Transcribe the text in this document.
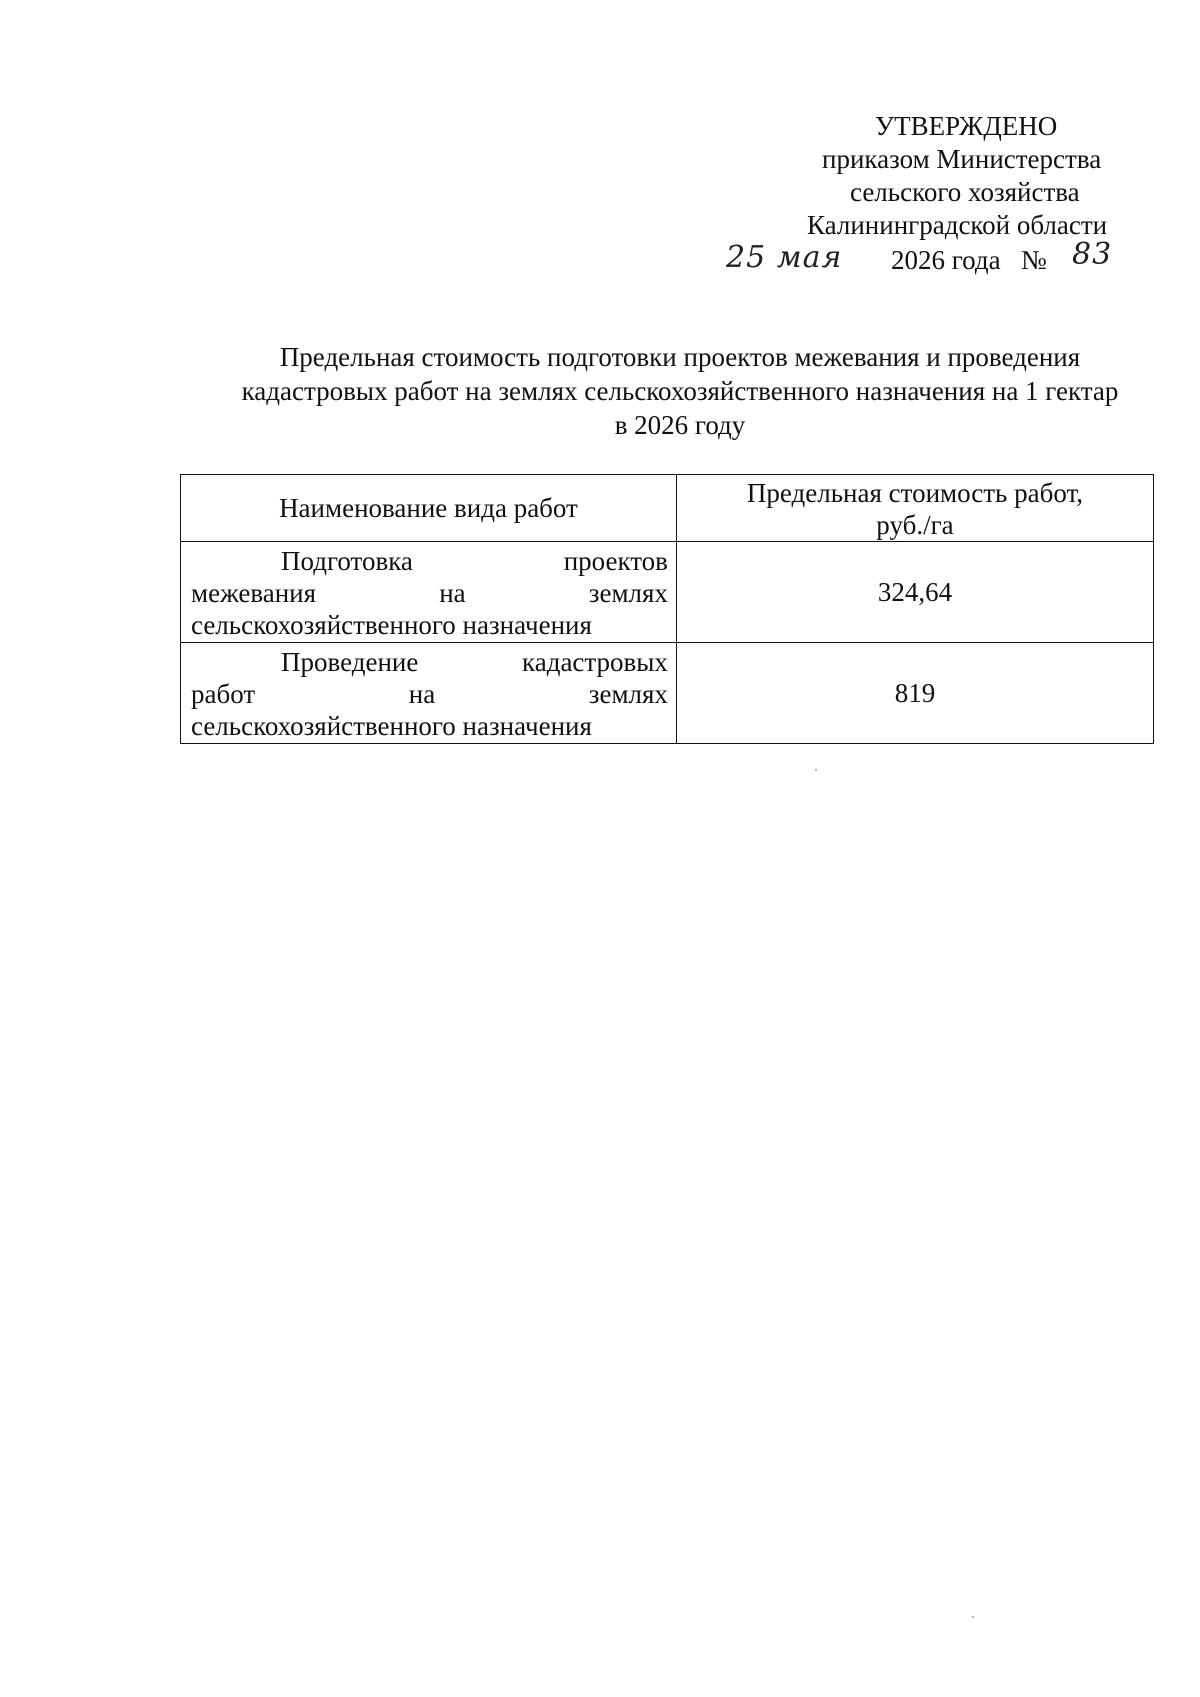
УТВЕРЖДЕНО
приказом Министерства
сельского хозяйства
Калининградской области
25 мая 2026 года № 83
Предельная стоимость подготовки проектов межевания и проведения
кадастровых работ на землях сельскохозяйственного назначения на 1 гектар
в 2026 году
Наименование вида работ	Предельная стоимость работ,
руб./га

Подготовка проектов
межевания на землях
сельскохозяйственного назначения	324,64

Проведение кадастровых
работ на землях
сельскохозяйственного назначения	819
